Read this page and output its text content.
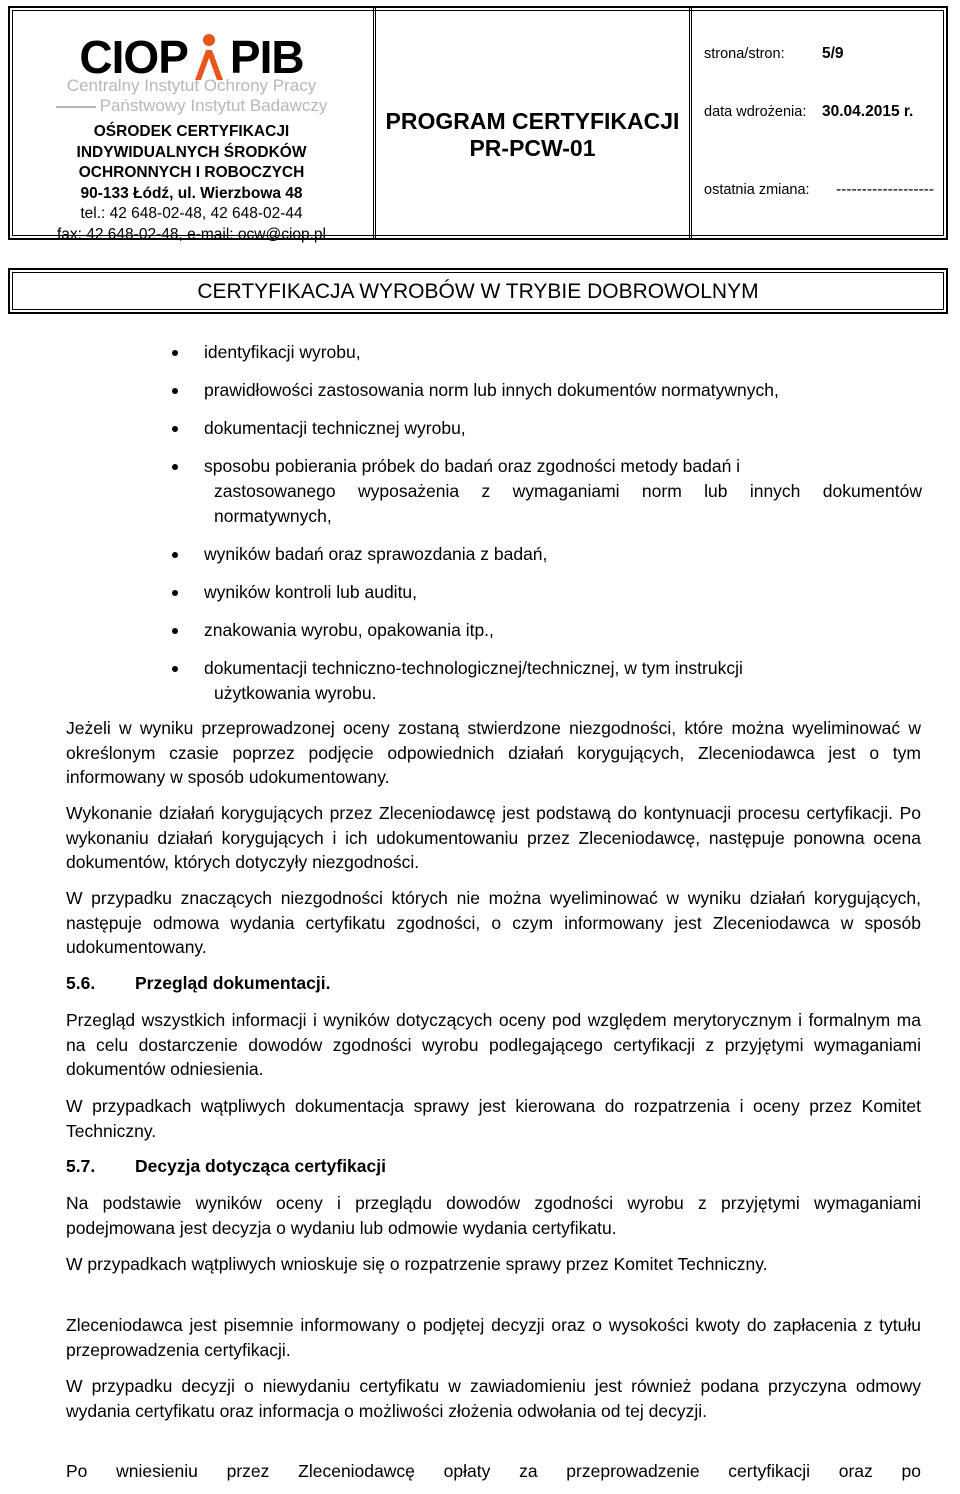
CIOP PIB
Centralny Instytut Ochrony Pracy
Państwowy Instytut Badawczy
OŚRODEK CERTYFIKACJI
INDYWIDUALNYCH ŚRODKÓW
OCHRONNYCH I ROBOCZYCH
90-133 Łódź, ul. Wierzbowa 48
tel.: 42 648-02-48, 42 648-02-44
fax: 42 648-02-48, e-mail: ocw@ciop.pl
PROGRAM CERTYFIKACJI
PR-PCW-01
strona/stron: 5/9
data wdrożenia: 30.04.2015 r.
ostatnia zmiana: -------------------
CERTYFIKACJA WYROBÓW W TRYBIE DOBROWOLNYM
identyfikacji wyrobu,
prawidłowości zastosowania norm lub innych dokumentów normatywnych,
dokumentacji technicznej wyrobu,
sposobu pobierania próbek do badań oraz zgodności metody badań i
zastosowanego wyposażenia z wymaganiami norm lub innych dokumentów normatywnych,
wyników badań oraz sprawozdania z badań,
wyników kontroli lub auditu,
znakowania wyrobu, opakowania itp.,
dokumentacji techniczno-technologicznej/technicznej, w tym instrukcji
użytkowania wyrobu.

Jeżeli w wyniku przeprowadzonej oceny zostaną stwierdzone niezgodności, które można wyeliminować w określonym czasie poprzez podjęcie odpowiednich działań korygujących, Zleceniodawca jest o tym informowany w sposób udokumentowany.

Wykonanie działań korygujących przez Zleceniodawcę jest podstawą do kontynuacji procesu certyfikacji. Po wykonaniu działań korygujących i ich udokumentowaniu przez Zleceniodawcę, następuje ponowna ocena dokumentów, których dotyczyły niezgodności.

W przypadku znaczących niezgodności których nie można wyeliminować w wyniku działań korygujących, następuje odmowa wydania certyfikatu zgodności, o czym informowany jest Zleceniodawca w sposób udokumentowany.

5.6. Przegląd dokumentacji.

Przegląd wszystkich informacji i wyników dotyczących oceny pod względem merytorycznym i formalnym ma na celu dostarczenie dowodów zgodności wyrobu podlegającego certyfikacji z przyjętymi wymaganiami dokumentów odniesienia.

W przypadkach wątpliwych dokumentacja sprawy jest kierowana do rozpatrzenia i oceny przez Komitet Techniczny.

5.7. Decyzja dotycząca certyfikacji

Na podstawie wyników oceny i przeglądu dowodów zgodności wyrobu z przyjętymi wymaganiami podejmowana jest decyzja o wydaniu lub odmowie wydania certyfikatu.

W przypadkach wątpliwych wnioskuje się o rozpatrzenie sprawy przez Komitet Techniczny.

Zleceniodawca jest pisemnie informowany o podjętej decyzji oraz o wysokości kwoty do zapłacenia z tytułu przeprowadzenia certyfikacji.

W przypadku decyzji o niewydaniu certyfikatu w zawiadomieniu jest również podana przyczyna odmowy wydania certyfikatu oraz informacja o możliwości złożenia odwołania od tej decyzji.

Po wniesieniu przez Zleceniodawcę opłaty za przeprowadzenie certyfikacji oraz po
